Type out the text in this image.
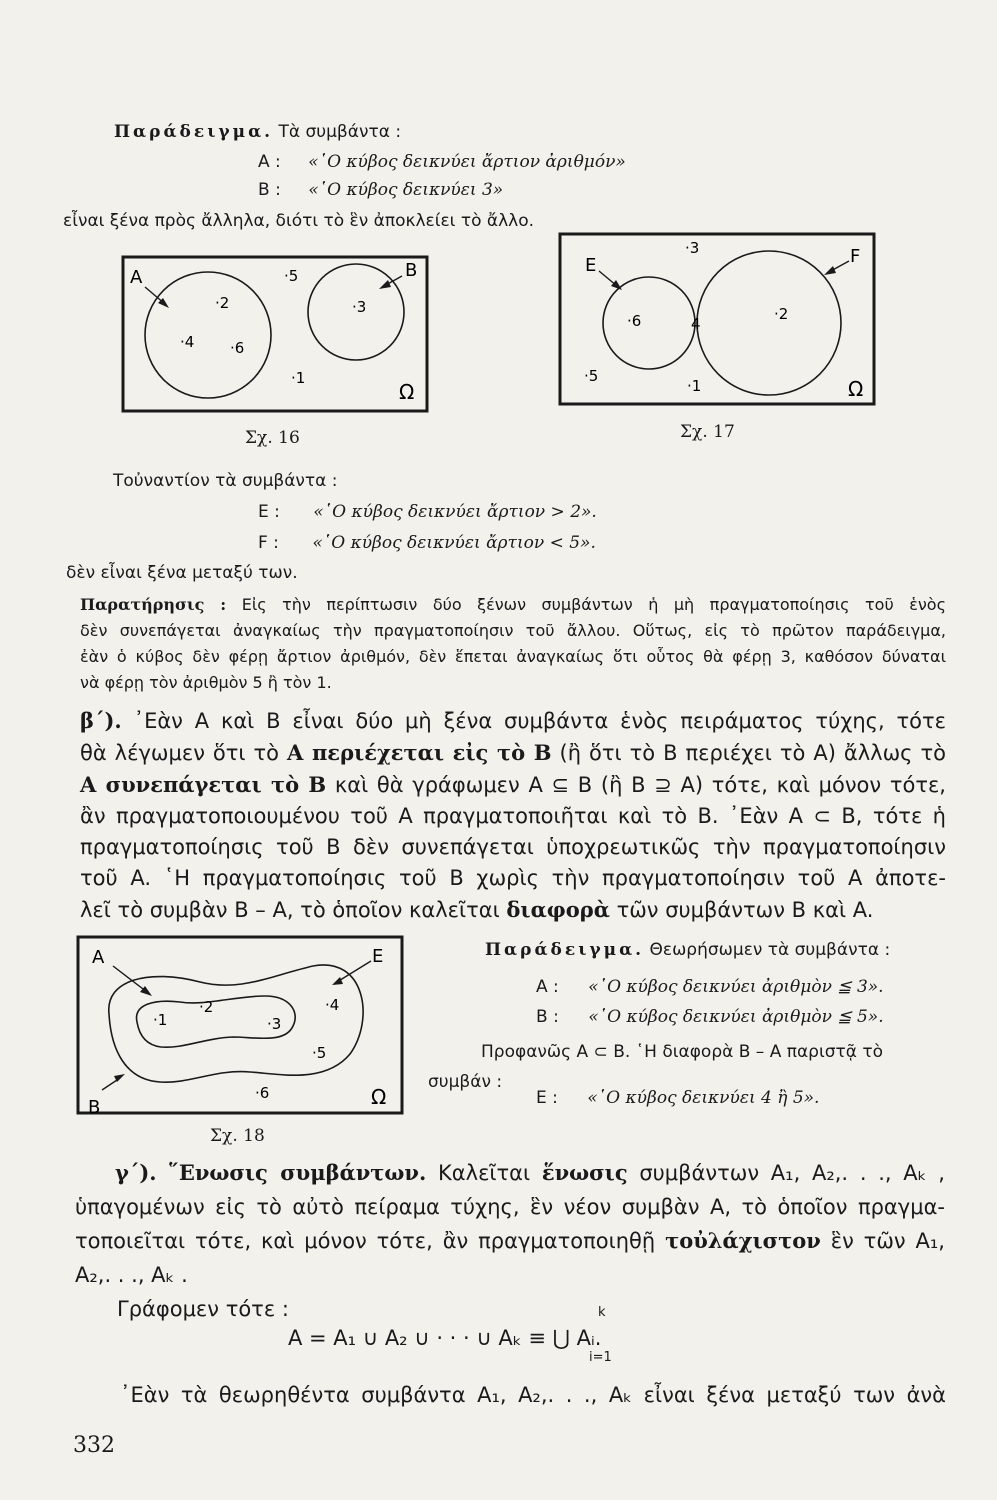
Παράδειγμα. Τὰ συμβάντα :
A : «῾Ο κύβος δεικνύει ἄρτιον ἀριθμόν»
B : «῾Ο κύβος δεικνύει 3»
εἶναι ξένα πρὸς ἄλληλα, διότι τὸ ἓν ἀποκλείει τὸ ἄλλο.
A	B
Ω
·2
·4 ·6
·5
·3
·1
Σχ. 16
E	F
Ω
·3
·6	4
·2
·5
·1
Σχ. 17
Τοὐναντίον τὰ συμβάντα :
E : «῾Ο κύβος δεικνύει ἄρτιον > 2».
F : «῾Ο κύβος δεικνύει ἄρτιον < 5».
δὲν εἶναι ξένα μεταξύ των.
Παρατήρησις : Εἰς τὴν περίπτωσιν δύο ξένων συμβάντων ἡ μὴ πραγματοποίησις τοῦ ἑνὸς
δὲν συνεπάγεται ἀναγκαίως τὴν πραγματοποίησιν τοῦ ἄλλου. Οὕτως, εἰς τὸ πρῶτον παράδειγμα,
ἐὰν ὁ κύβος δὲν φέρῃ ἄρτιον ἀριθμόν, δὲν ἕπεται ἀναγκαίως ὅτι οὗτος θὰ φέρῃ 3, καθόσον δύναται
νὰ φέρῃ τὸν ἀριθμὸν 5 ἢ τὸν 1.
β΄). ᾿Εὰν A καὶ B εἶναι δύο μὴ ξένα συμβάντα ἑνὸς πειράματος τύχης, τότε
θὰ λέγωμεν ὅτι τὸ A περιέχεται εἰς τὸ B (ἢ ὅτι τὸ B περιέχει τὸ A) ἄλλως τὸ
A συνεπάγεται τὸ B καὶ θὰ γράφωμεν A ⊆ B (ἢ B ⊇ A) τότε, καὶ μόνον τότε,
ἂν πραγματοποιουμένου τοῦ A πραγματοποιῆται καὶ τὸ B. ᾿Εὰν A ⊂ B, τότε ἡ
πραγματοποίησις τοῦ B δὲν συνεπάγεται ὑποχρεωτικῶς τὴν πραγματοποίησιν
τοῦ A. ῾Η πραγματοποίησις τοῦ B χωρὶς τὴν πραγματοποίησιν τοῦ A ἀποτε-
λεῖ τὸ συμβὰν B – A, τὸ ὁποῖον καλεῖται διαφορὰ τῶν συμβάντων B καὶ A.
A	E
B	Ω
·1
·2
·3
·4
·5
·6
Σχ. 18
Παράδειγμα. Θεωρήσωμεν τὰ συμβάντα :
A : «῾Ο κύβος δεικνύει ἀριθμὸν ≦ 3».
B : «῾Ο κύβος δεικνύει ἀριθμὸν ≦ 5».
Προφανῶς A ⊂ B. ῾Η διαφορὰ B – A παριστᾷ τὸ
συμβάν :
E : «῾Ο κύβος δεικνύει 4 ἢ 5».
γ΄). ῞Ενωσις συμβάντων. Καλεῖται ἕνωσις συμβάντων A₁, A₂,. . ., Aₖ ,
ὑπαγομένων εἰς τὸ αὐτὸ πείραμα τύχης, ἓν νέον συμβὰν A, τὸ ὁποῖον πραγμα-
τοποιεῖται τότε, καὶ μόνον τότε, ἂν πραγματοποιηθῇ τοὐλάχιστον ἓν τῶν A₁,
A₂,. . ., Aₖ .
Γράφομεν τότε :	k
A = A₁ ∪ A₂ ∪ · · · ∪ Aₖ ≡ ⋃ Aᵢ.
i=1
᾿Εὰν τὰ θεωρηθέντα συμβάντα A₁, A₂,. . ., Aₖ εἶναι ξένα μεταξύ των ἀνὰ
332
